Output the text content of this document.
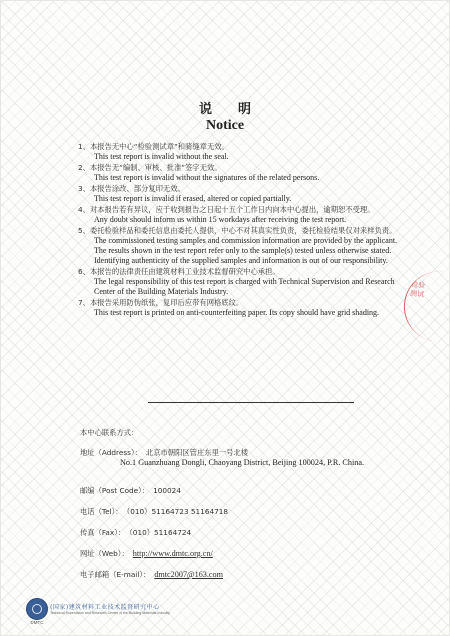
说明
Notice
1、本报告无中心“检验测试章”和骑缝章无效。
This test report is invalid without the seal.
2、本报告无“编制、审核、批准”签字无效。
This test report is invalid without the signatures of the related persons.
3、本报告涂改、部分复印无效。
This test report is invalid if erased, altered or copied partially.
4、对本报告若有异议，应于收到报告之日起十五个工作日内向本中心提出，逾期恕不受理。
Any doubt should inform us within 15 workdays after receiving the test report.
5、委托检验样品和委托信息由委托人提供，中心不对其真实性负责，委托检验结果仅对来样负责。
The commissioned testing samples and commission information are provided by the applicant. The results shown in the test report refer only to the sample(s) tested unless otherwise stated. Identifying authenticity of the supplied samples and information is out of our responsibility.
6、本报告的法律责任由建筑材料工业技术监督研究中心承担。
The legal responsibility of this test report is charged with Technical Supervision and Research Center of the Building Materials Industry.
7、本报告采用防伪纸张，复印后应带有网格底纹。
This test report is printed on anti-counterfeiting paper. Its copy should have grid shading.
检验测试
本中心联系方式：
地址（Address）： 北京市朝阳区管庄东里一号北楼
No.1 Guanzhuang Dongli, Chaoyang District, Beijing 100024, P.R. China.
邮编（Post Code）： 100024
电话（Tel）： （010）51164723 51164718
传真（Fax）： （010）51164724
网址（Web）： http://www.dmtc.org.cn/
电子邮箱（E-mail）： dmtc2007@163.com
DMTC
(国家)建筑材料工业技术监督研究中心
Technical Supervision and Research Center of the Building Materials Industry
